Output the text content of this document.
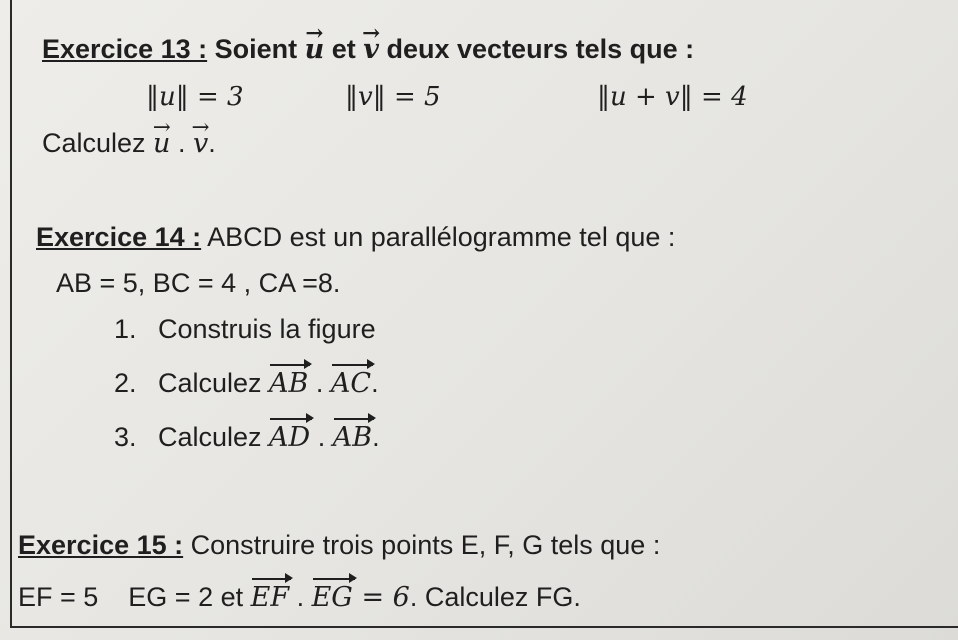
Exercice 13 : Soient → u et → v deux vecteurs tels que :
‖u‖ = 3	‖v‖ = 5	‖u + v‖ = 4
Calculez → u . → v.
Exercice 14 : ABCD est un parallélogramme tel que :
AB = 5, BC = 4 , CA =8.
1. Construis la figure
2. Calculez AB . AC.
3. Calculez AD . AB.
Exercice 15 : Construire trois points E, F, G tels que :
EF = 5 EG = 2 et EF . EG = 6. Calculez FG.
